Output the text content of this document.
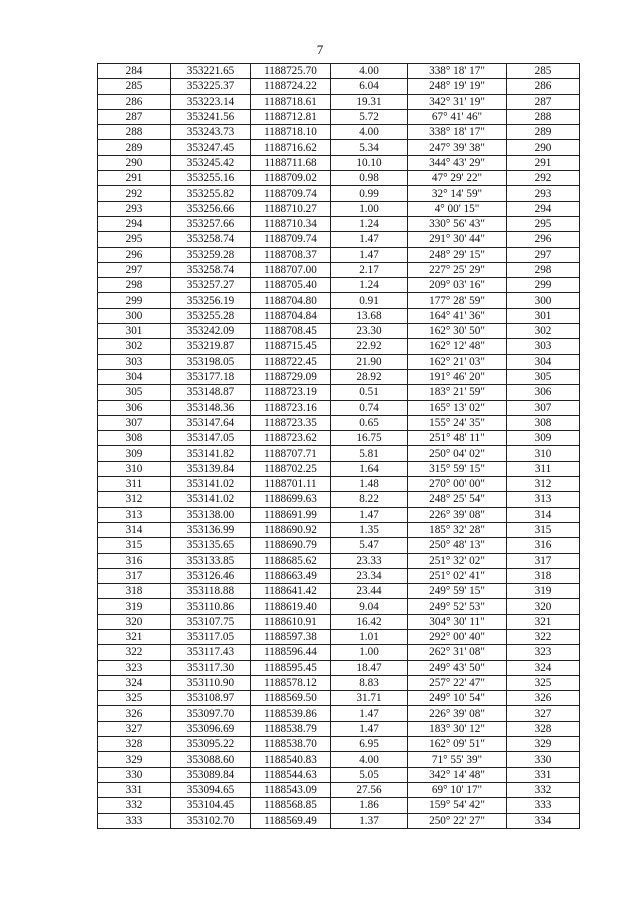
7
284	353221.65	1188725.70	4.00	338° 18' 17"	285
285	353225.37	1188724.22	6.04	248° 19' 19"	286
286	353223.14	1188718.61	19.31	342° 31' 19"	287
287	353241.56	1188712.81	5.72	67° 41' 46"	288
288	353243.73	1188718.10	4.00	338° 18' 17"	289
289	353247.45	1188716.62	5.34	247° 39' 38"	290
290	353245.42	1188711.68	10.10	344° 43' 29"	291
291	353255.16	1188709.02	0.98	47° 29' 22"	292
292	353255.82	1188709.74	0.99	32° 14' 59"	293
293	353256.66	1188710.27	1.00	4° 00' 15"	294
294	353257.66	1188710.34	1.24	330° 56' 43"	295
295	353258.74	1188709.74	1.47	291° 30' 44"	296
296	353259.28	1188708.37	1.47	248° 29' 15"	297
297	353258.74	1188707.00	2.17	227° 25' 29"	298
298	353257.27	1188705.40	1.24	209° 03' 16"	299
299	353256.19	1188704.80	0.91	177° 28' 59"	300
300	353255.28	1188704.84	13.68	164° 41' 36"	301
301	353242.09	1188708.45	23.30	162° 30' 50"	302
302	353219.87	1188715.45	22.92	162° 12' 48"	303
303	353198.05	1188722.45	21.90	162° 21' 03"	304
304	353177.18	1188729.09	28.92	191° 46' 20"	305
305	353148.87	1188723.19	0.51	183° 21' 59"	306
306	353148.36	1188723.16	0.74	165° 13' 02"	307
307	353147.64	1188723.35	0.65	155° 24' 35"	308
308	353147.05	1188723.62	16.75	251° 48' 11"	309
309	353141.82	1188707.71	5.81	250° 04' 02"	310
310	353139.84	1188702.25	1.64	315° 59' 15"	311
311	353141.02	1188701.11	1.48	270° 00' 00"	312
312	353141.02	1188699.63	8.22	248° 25' 54"	313
313	353138.00	1188691.99	1.47	226° 39' 08"	314
314	353136.99	1188690.92	1.35	185° 32' 28"	315
315	353135.65	1188690.79	5.47	250° 48' 13"	316
316	353133.85	1188685.62	23.33	251° 32' 02"	317
317	353126.46	1188663.49	23.34	251° 02' 41"	318
318	353118.88	1188641.42	23.44	249° 59' 15"	319
319	353110.86	1188619.40	9.04	249° 52' 53"	320
320	353107.75	1188610.91	16.42	304° 30' 11"	321
321	353117.05	1188597.38	1.01	292° 00' 40"	322
322	353117.43	1188596.44	1.00	262° 31' 08"	323
323	353117.30	1188595.45	18.47	249° 43' 50"	324
324	353110.90	1188578.12	8.83	257° 22' 47"	325
325	353108.97	1188569.50	31.71	249° 10' 54"	326
326	353097.70	1188539.86	1.47	226° 39' 08"	327
327	353096.69	1188538.79	1.47	183° 30' 12"	328
328	353095.22	1188538.70	6.95	162° 09' 51"	329
329	353088.60	1188540.83	4.00	71° 55' 39"	330
330	353089.84	1188544.63	5.05	342° 14' 48"	331
331	353094.65	1188543.09	27.56	69° 10' 17"	332
332	353104.45	1188568.85	1.86	159° 54' 42"	333
333	353102.70	1188569.49	1.37	250° 22' 27"	334
